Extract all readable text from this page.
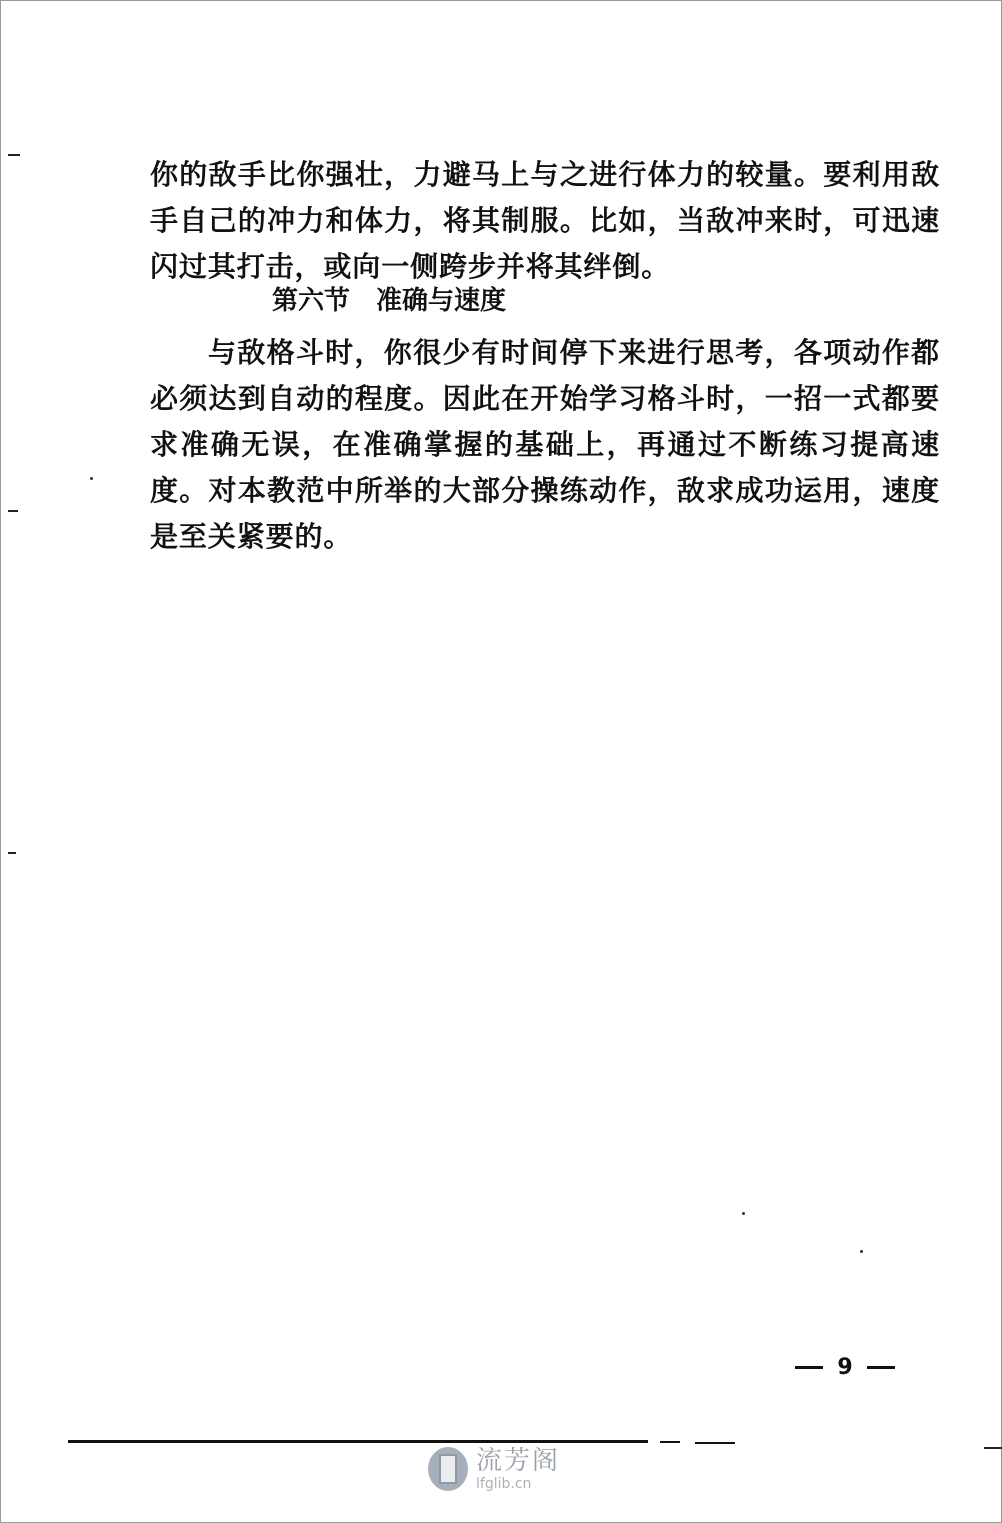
你的敌手比你强壮，力避马上与之进行体力的较量。要利用敌手自己的冲力和体力，将其制服。比如，当敌冲来时，可迅速闪过其打击，或向一侧跨步并将其绊倒。

第六节　准确与速度

与敌格斗时，你很少有时间停下来进行思考，各项动作都必须达到自动的程度。因此在开始学习格斗时，一招一式都要求准确无误，在准确掌握的基础上，再通过不断练习提高速度。对本教范中所举的大部分操练动作，敌求成功运用，速度是至关紧要的。

9
流芳阁
lfglib.cn
